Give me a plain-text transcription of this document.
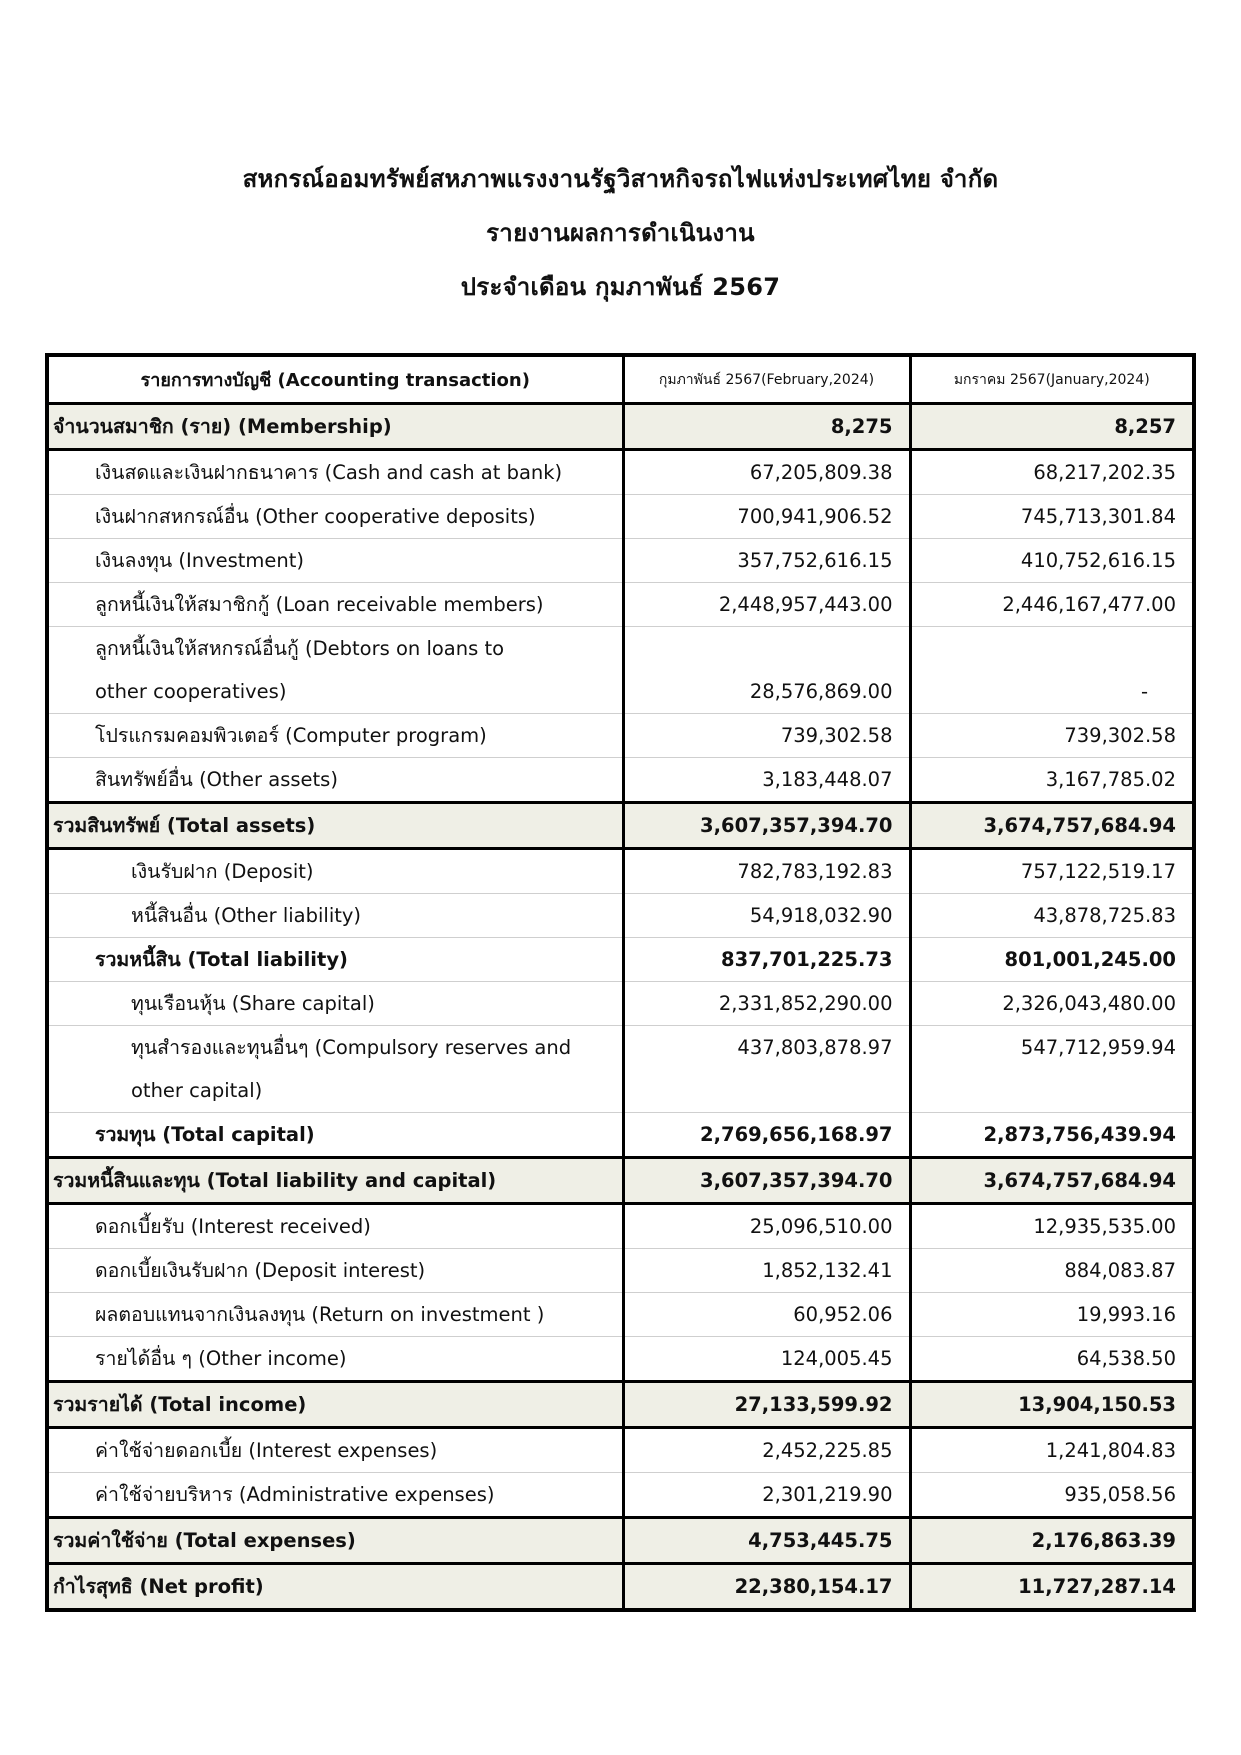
สหกรณ์ออมทรัพย์สหภาพแรงงานรัฐวิสาหกิจรถไฟแห่งประเทศไทย จำกัด
รายงานผลการดำเนินงาน
ประจำเดือน กุมภาพันธ์ 2567
รายการทางบัญชี (Accounting transaction)	กุมภาพันธ์ 2567(February,2024)	มกราคม 2567(January,2024)
จำนวนสมาชิก (ราย) (Membership)	8,275	8,257
เงินสดและเงินฝากธนาคาร (Cash and cash at bank)	67,205,809.38	68,217,202.35
เงินฝากสหกรณ์อื่น (Other cooperative deposits)	700,941,906.52	745,713,301.84
เงินลงทุน (Investment)	357,752,616.15	410,752,616.15
ลูกหนี้เงินให้สมาชิกกู้ (Loan receivable members)	2,448,957,443.00	2,446,167,477.00
ลูกหนี้เงินให้สหกรณ์อื่นกู้ (Debtors on loans to		
other cooperatives)	28,576,869.00	-
โปรแกรมคอมพิวเตอร์ (Computer program)	739,302.58	739,302.58
สินทรัพย์อื่น (Other assets)	3,183,448.07	3,167,785.02
รวมสินทรัพย์ (Total assets)	3,607,357,394.70	3,674,757,684.94
เงินรับฝาก (Deposit)	782,783,192.83	757,122,519.17
หนี้สินอื่น (Other liability)	54,918,032.90	43,878,725.83
รวมหนี้สิน (Total liability)	837,701,225.73	801,001,245.00
ทุนเรือนหุ้น (Share capital)	2,331,852,290.00	2,326,043,480.00
ทุนสำรองและทุนอื่นๆ (Compulsory reserves and	437,803,878.97	547,712,959.94
other capital)		
รวมทุน (Total capital)	2,769,656,168.97	2,873,756,439.94
รวมหนี้สินและทุน (Total liability and capital)	3,607,357,394.70	3,674,757,684.94
ดอกเบี้ยรับ (Interest received)	25,096,510.00	12,935,535.00
ดอกเบี้ยเงินรับฝาก (Deposit interest)	1,852,132.41	884,083.87
ผลตอบแทนจากเงินลงทุน (Return on investment )	60,952.06	19,993.16
รายได้อื่น ๆ (Other income)	124,005.45	64,538.50
รวมรายได้ (Total income)	27,133,599.92	13,904,150.53
ค่าใช้จ่ายดอกเบี้ย (Interest expenses)	2,452,225.85	1,241,804.83
ค่าใช้จ่ายบริหาร (Administrative expenses)	2,301,219.90	935,058.56
รวมค่าใช้จ่าย (Total expenses)	4,753,445.75	2,176,863.39
กำไรสุทธิ (Net profit)	22,380,154.17	11,727,287.14
